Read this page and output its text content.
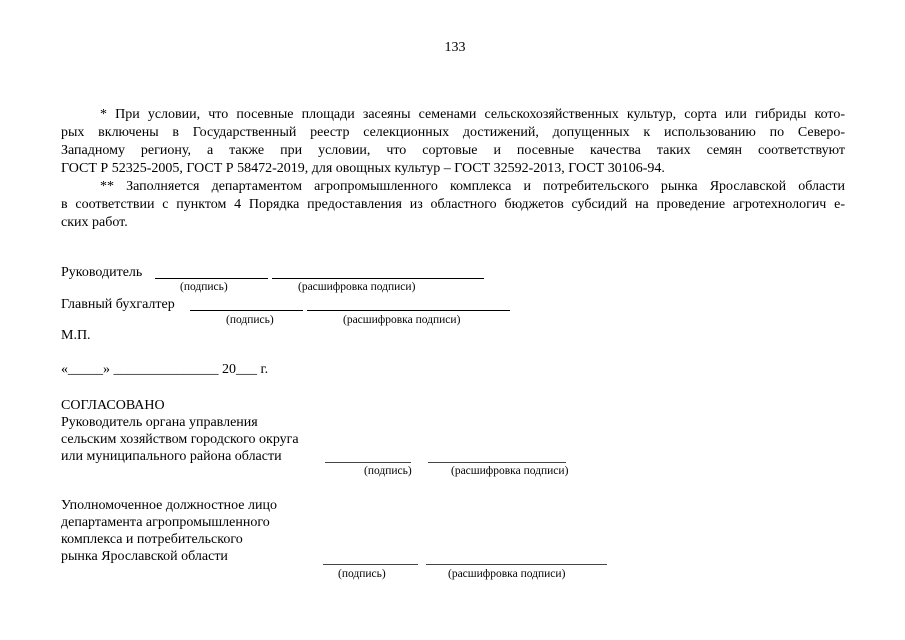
133
* При условии, что посевные площади засеяны семенами сельскохозяйственных культур, сорта или гибриды кото-
рых включены в Государственный реестр селекционных достижений, допущенных к использованию по Северо-
Западному региону, а также при условии, что сортовые и посевные качества таких семян соответствуют
ГОСТ Р 52325-2005, ГОСТ Р 58472-2019, для овощных культур – ГОСТ 32592-2013, ГОСТ 30106-94.
** Заполняется департаментом агропромышленного комплекса и потребительского рынка Ярославской области
в соответствии с пунктом 4 Порядка предоставления из областного бюджетов субсидий на проведение агротехнологич е-
ских работ.
Руководитель
(подпись)	(расшифровка подписи)
Главный бухгалтер
(подпись)	(расшифровка подписи)
М.П.
«_____» _______________ 20___ г.
СОГЛАСОВАНО
Руководитель органа управления
сельским хозяйством городского округа
или муниципального района области
(подпись)	(расшифровка подписи)
Уполномоченное должностное лицо
департамента агропромышленного
комплекса и потребительского
рынка Ярославской области
(подпись)	(расшифровка подписи)
